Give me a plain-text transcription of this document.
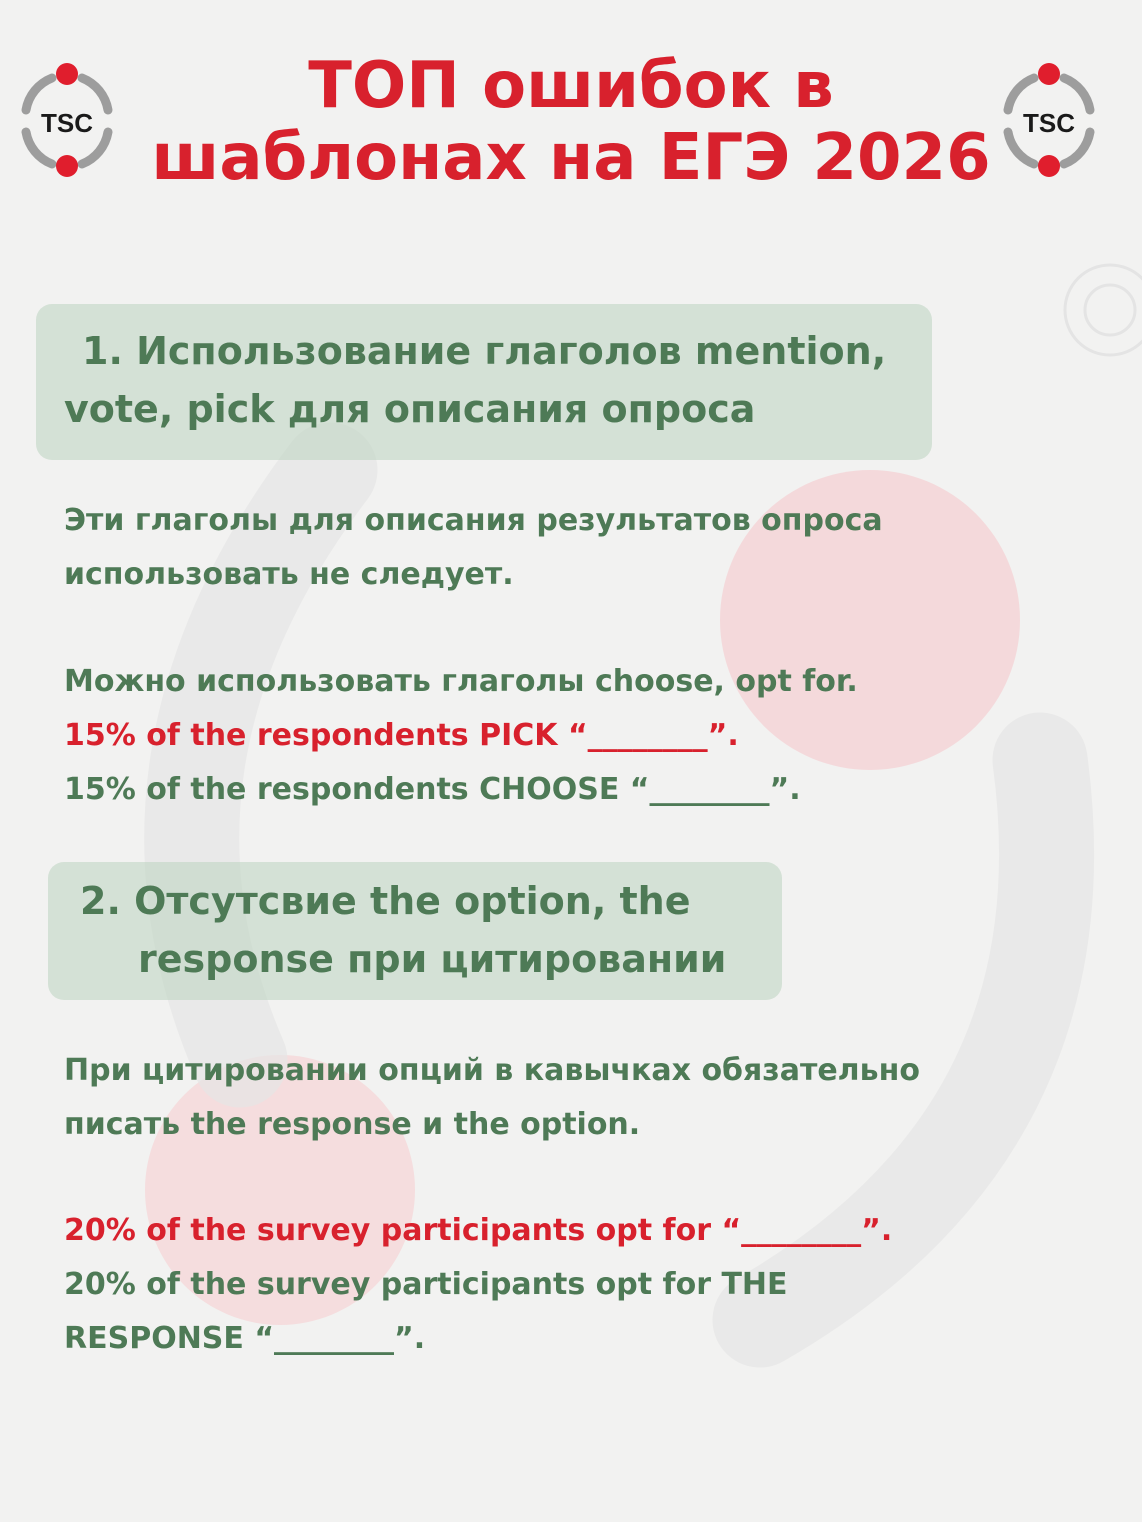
TSC	TSC
ТОП ошибок в
шаблонах на ЕГЭ 2026
1. Использование глаголов mention,
vote, pick для описания опроса

Эти глаголы для описания результатов опроса
использовать не следует.

Можно использовать глаголы choose, opt for.
15% of the respondents PICK “________”.
15% of the respondents CHOOSE “________”.

2. Отсутсвие the option, the
response при цитировании

При цитировании опций в кавычках обязательно
писать the response и the option.

20% of the survey participants opt for “________”.
20% of the survey participants opt for THE
RESPONSE “________”.
